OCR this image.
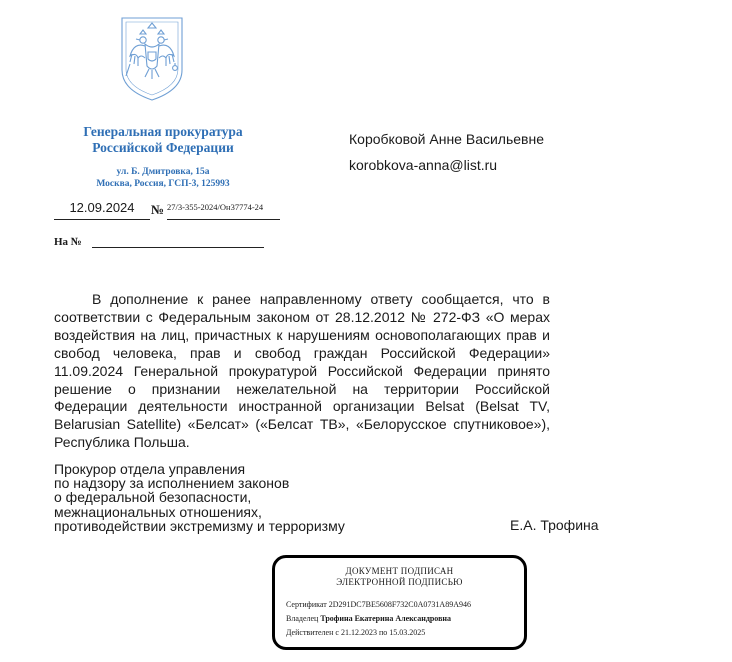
Генеральная прокуратура
Российской Федерации
ул. Б. Дмитровка, 15а
Москва, Россия, ГСП-3, 125993
12.09.2024	№ 27/3-355-2024/Он37774-24
На №
Коробковой Анне Васильевне
korobkova-anna@list.ru
В дополнение к ранее направленному ответу сообщается, что в соответствии с Федеральным законом от 28.12.2012 № 272-ФЗ «О мерах воздействия на лиц, причастных к нарушениям основополагающих прав и свобод человека, прав и свобод граждан Российской Федерации» 11.09.2024 Генеральной прокуратурой Российской Федерации принято решение о признании нежелательной на территории Российской Федерации деятельности иностранной организации Belsat (Belsat TV, Belarusian Satellite) «Белсат» («Белсат ТВ», «Белорусское спутниковое»), Республика Польша.
Прокурор отдела управления
по надзору за исполнением законов
о федеральной безопасности,
межнациональных отношениях,
противодействии экстремизму и терроризму	Е.А. Трофина
ДОКУМЕНТ ПОДПИСАН
ЭЛЕКТРОННОЙ ПОДПИСЬЮ
Сертификат 2D291DC7BE5608F732C0A0731A89A946
Владелец Трофина Екатерина Александровна
Действителен с 21.12.2023 по 15.03.2025
